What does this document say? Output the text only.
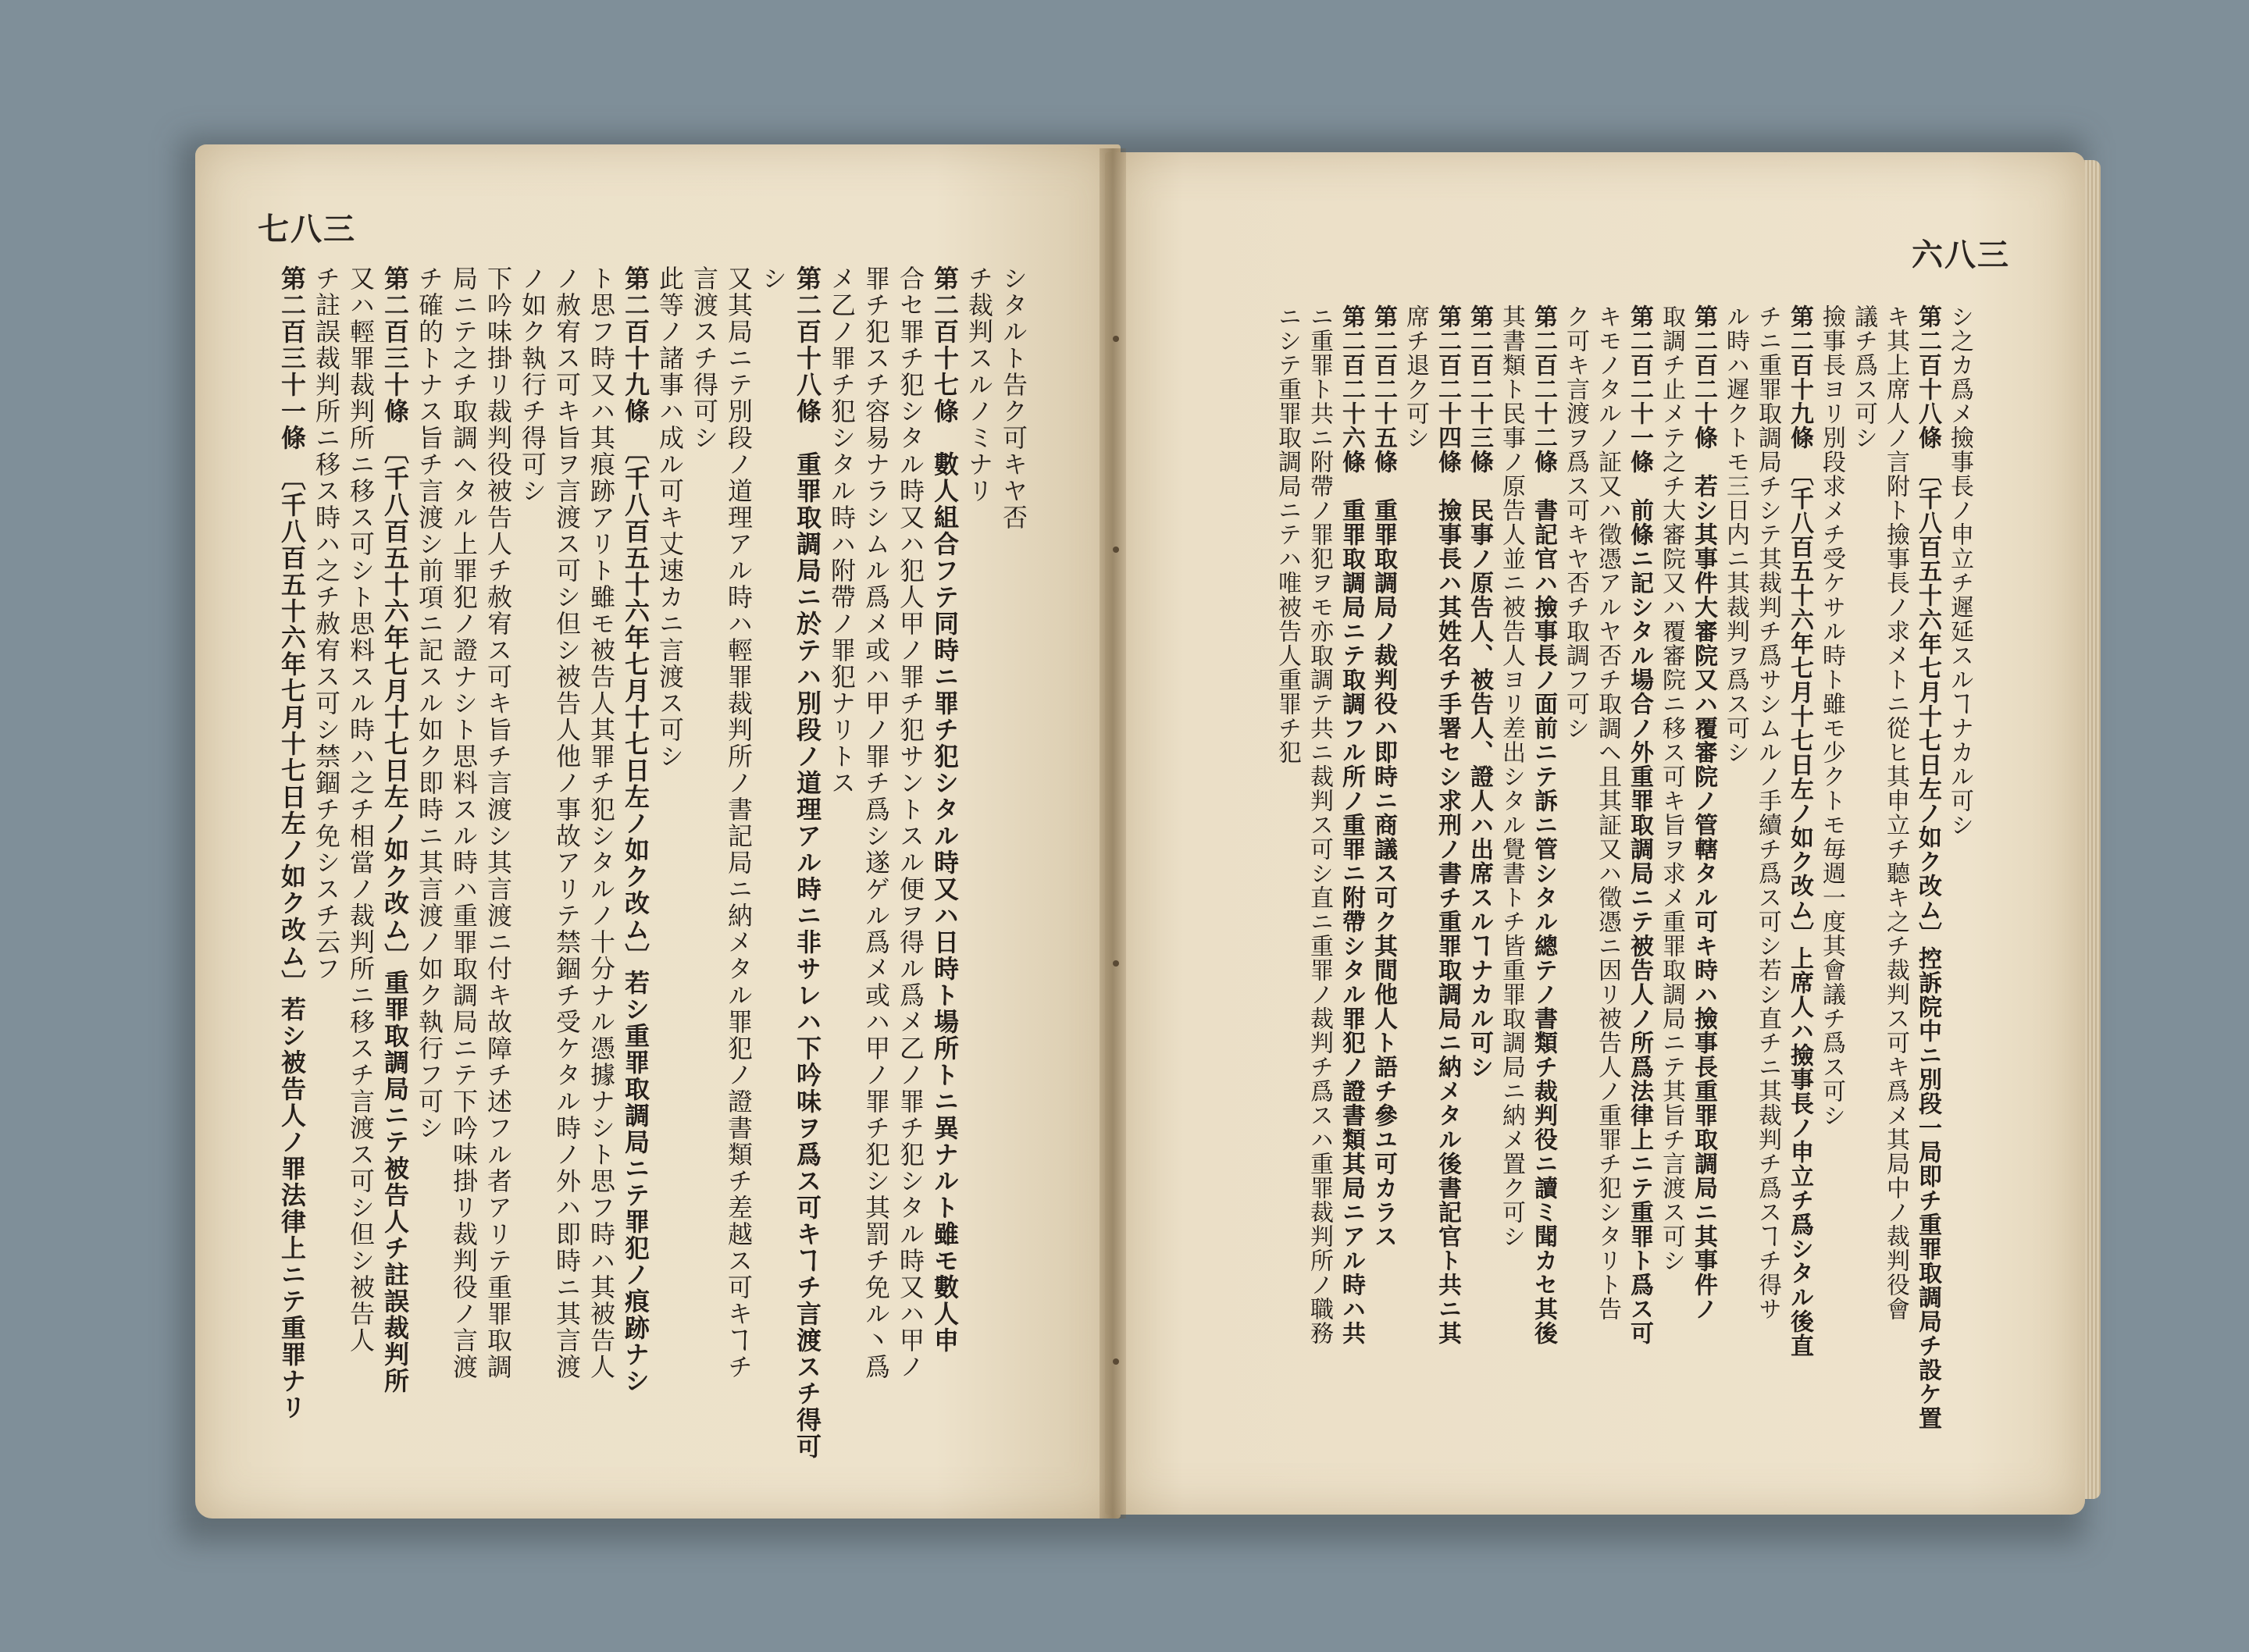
七八三
六八三

シタルト告ク可キヤ否

チ裁判スルノミナリ

第二百十七條　數人組合フテ同時ニ罪チ犯シタル時又ハ日時ト場所トニ異ナルト雖モ數人申

合セ罪チ犯シタル時又ハ犯人甲ノ罪チ犯サントスル便ヲ得ル爲メ乙ノ罪チ犯シタル時又ハ甲ノ

罪チ犯スチ容易ナラシムル爲メ或ハ甲ノ罪チ爲シ遂ゲル爲メ或ハ甲ノ罪チ犯シ其罰チ免ル丶爲

メ乙ノ罪チ犯シタル時ハ附帶ノ罪犯ナリトス

第二百十八條　重罪取調局ニ於テハ別段ノ道理アル時ニ非サレハ下吟味ヲ爲ス可キヿチ言渡スチ得可

シ

又其局ニテ別段ノ道理アル時ハ輕罪裁判所ノ書記局ニ納メタル罪犯ノ證書類チ差越ス可キヿチ

言渡スチ得可シ

此等ノ諸事ハ成ル可キ丈速カニ言渡ス可シ

第二百十九條　〔千八百五十六年七月十七日左ノ如ク改ム〕若シ重罪取調局ニテ罪犯ノ痕跡ナシ

ト思フ時又ハ其痕跡アリト雖モ被告人其罪チ犯シタルノ十分ナル憑據ナシト思フ時ハ其被告人

ノ赦宥ス可キ旨ヲ言渡ス可シ但シ被告人他ノ事故アリテ禁錮チ受ケタル時ノ外ハ即時ニ其言渡

ノ如ク執行チ得可シ

下吟味掛リ裁判役被告人チ赦宥ス可キ旨チ言渡シ其言渡ニ付キ故障チ述フル者アリテ重罪取調

局ニテ之チ取調ヘタル上罪犯ノ證ナシト思料スル時ハ重罪取調局ニテ下吟味掛リ裁判役ノ言渡

チ確的トナス旨チ言渡シ前項ニ記スル如ク即時ニ其言渡ノ如ク執行フ可シ

第二百三十條　〔千八百五十六年七月十七日左ノ如ク改ム〕重罪取調局ニテ被告人チ註誤裁判所

又ハ輕罪裁判所ニ移ス可シト思料スル時ハ之チ相當ノ裁判所ニ移スチ言渡ス可シ但シ被告人

チ註誤裁判所ニ移ス時ハ之チ赦宥ス可シ禁錮チ免シスチ云フ

第二百三十一條　〔千八百五十六年七月十七日左ノ如ク改ム〕若シ被告人ノ罪法律上ニテ重罪ナリ	シ之カ爲メ撿事長ノ申立チ遲延スルヿナカル可シ

第二百十八條　〔千八百五十六年七月十七日左ノ如ク改ム〕控訴院中ニ別段一局即チ重罪取調局チ設ケ置

キ其上席人ノ言附ト撿事長ノ求メトニ從ヒ其申立チ聽キ之チ裁判ス可キ爲メ其局中ノ裁判役會

議チ爲ス可シ

撿事長ヨリ別段求メチ受ケサル時ト雖モ少クトモ毎週一度其會議チ爲ス可シ

第二百十九條　〔千八百五十六年七月十七日左ノ如ク改ム〕上席人ハ撿事長ノ申立チ爲シタル後直

チニ重罪取調局チシテ其裁判チ爲サシムルノ手續チ爲ス可シ若シ直チニ其裁判チ爲スヿチ得サ

ル時ハ遲クトモ三日内ニ其裁判ヲ爲ス可シ

第二百二十條　若シ其事件大審院又ハ覆審院ノ管轄タル可キ時ハ撿事長重罪取調局ニ其事件ノ

取調チ止メテ之チ大審院又ハ覆審院ニ移ス可キ旨ヲ求メ重罪取調局ニテ其旨チ言渡ス可シ

第二百二十一條　前條ニ記シタル場合ノ外重罪取調局ニテ被告人ノ所爲法律上ニテ重罪ト爲ス可

キモノタルノ証又ハ徵憑アルヤ否チ取調ヘ且其証又ハ徵憑ニ因リ被告人ノ重罪チ犯シタリト告

ク可キ言渡ヲ爲ス可キヤ否チ取調フ可シ

第二百二十二條　書記官ハ撿事長ノ面前ニテ訴ニ管シタル總テノ書類チ裁判役ニ讀ミ聞カセ其後

其書類ト民事ノ原告人並ニ被告人ヨリ差出シタル覺書トチ皆重罪取調局ニ納メ置ク可シ

第二百二十三條　民事ノ原告人、被告人、證人ハ出席スルヿナカル可シ

第二百二十四條　撿事長ハ其姓名チ手署セシ求刑ノ書チ重罪取調局ニ納メタル後書記官ト共ニ其

席チ退ク可シ

第二百二十五條　重罪取調局ノ裁判役ハ即時ニ商議ス可ク其間他人ト語チ參ユ可カラス

第二百二十六條　重罪取調局ニテ取調フル所ノ重罪ニ附帶シタル罪犯ノ證書類其局ニアル時ハ共

ニ重罪ト共ニ附帶ノ罪犯ヲモ亦取調テ共ニ裁判ス可シ直ニ重罪ノ裁判チ爲スハ重罪裁判所ノ職務

ニシテ重罪取調局ニテハ唯被告人重罪チ犯
